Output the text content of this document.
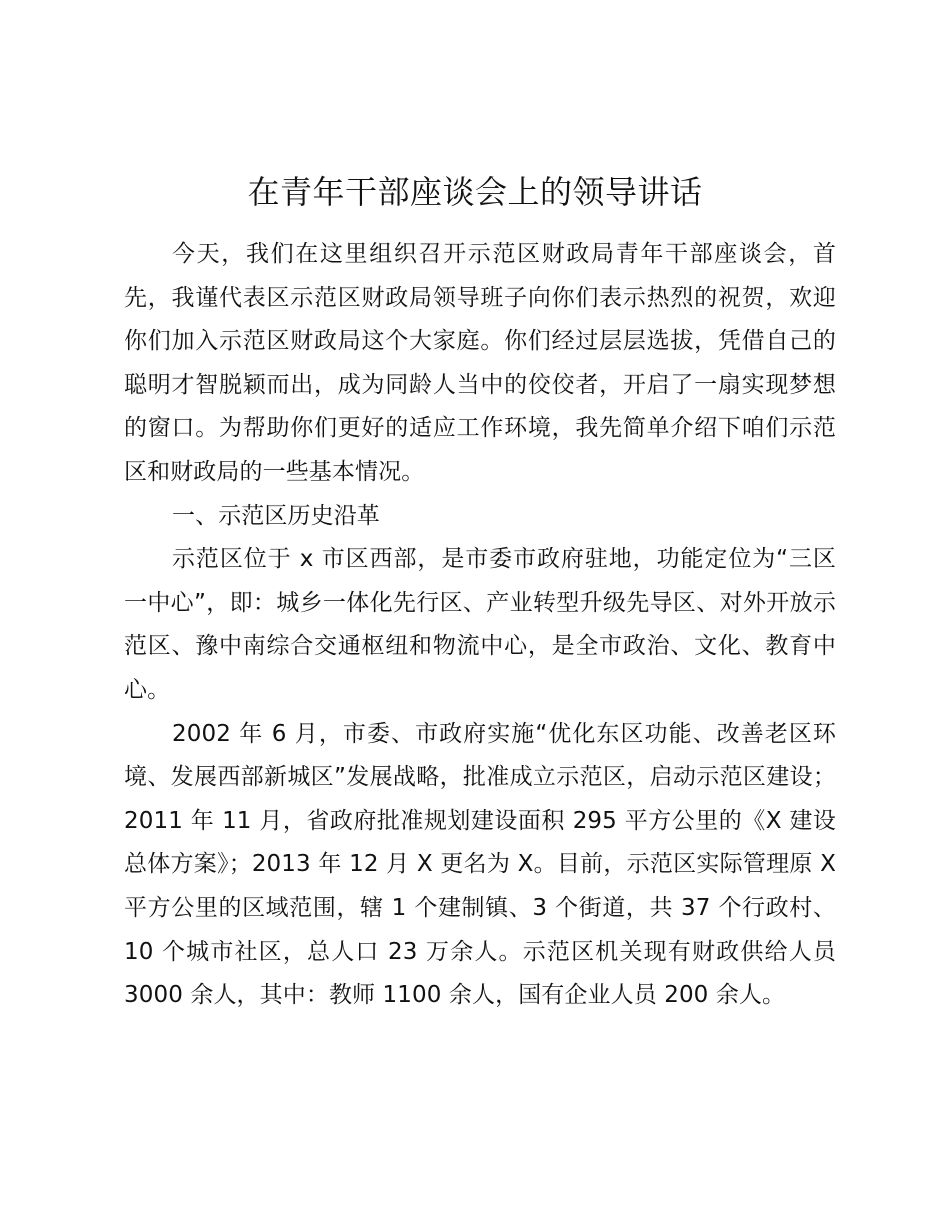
在青年干部座谈会上的领导讲话

今天，我们在这里组织召开示范区财政局青年干部座谈会，首先，我谨代表区示范区财政局领导班子向你们表示热烈的祝贺，欢迎你们加入示范区财政局这个大家庭。你们经过层层选拔，凭借自己的聪明才智脱颖而出，成为同龄人当中的佼佼者，开启了一扇实现梦想的窗口。为帮助你们更好的适应工作环境，我先简单介绍下咱们示范区和财政局的一些基本情况。

一、示范区历史沿革

示范区位于 x 市区西部，是市委市政府驻地，功能定位为“三区一中心”，即：城乡一体化先行区、产业转型升级先导区、对外开放示范区、豫中南综合交通枢纽和物流中心，是全市政治、文化、教育中心。

2002 年 6 月，市委、市政府实施“优化东区功能、改善老区环境、发展西部新城区”发展战略，批准成立示范区，启动示范区建设；2011 年 11 月，省政府批准规划建设面积 295 平方公里的《X 建设总体方案》；2013 年 12 月 X 更名为 X。目前，示范区实际管理原 X 平方公里的区域范围，辖 1 个建制镇、3 个街道，共 37 个行政村、10 个城市社区，总人口 23 万余人。示范区机关现有财政供给人员 3000 余人，其中：教师 1100 余人，国有企业人员 200 余人。
